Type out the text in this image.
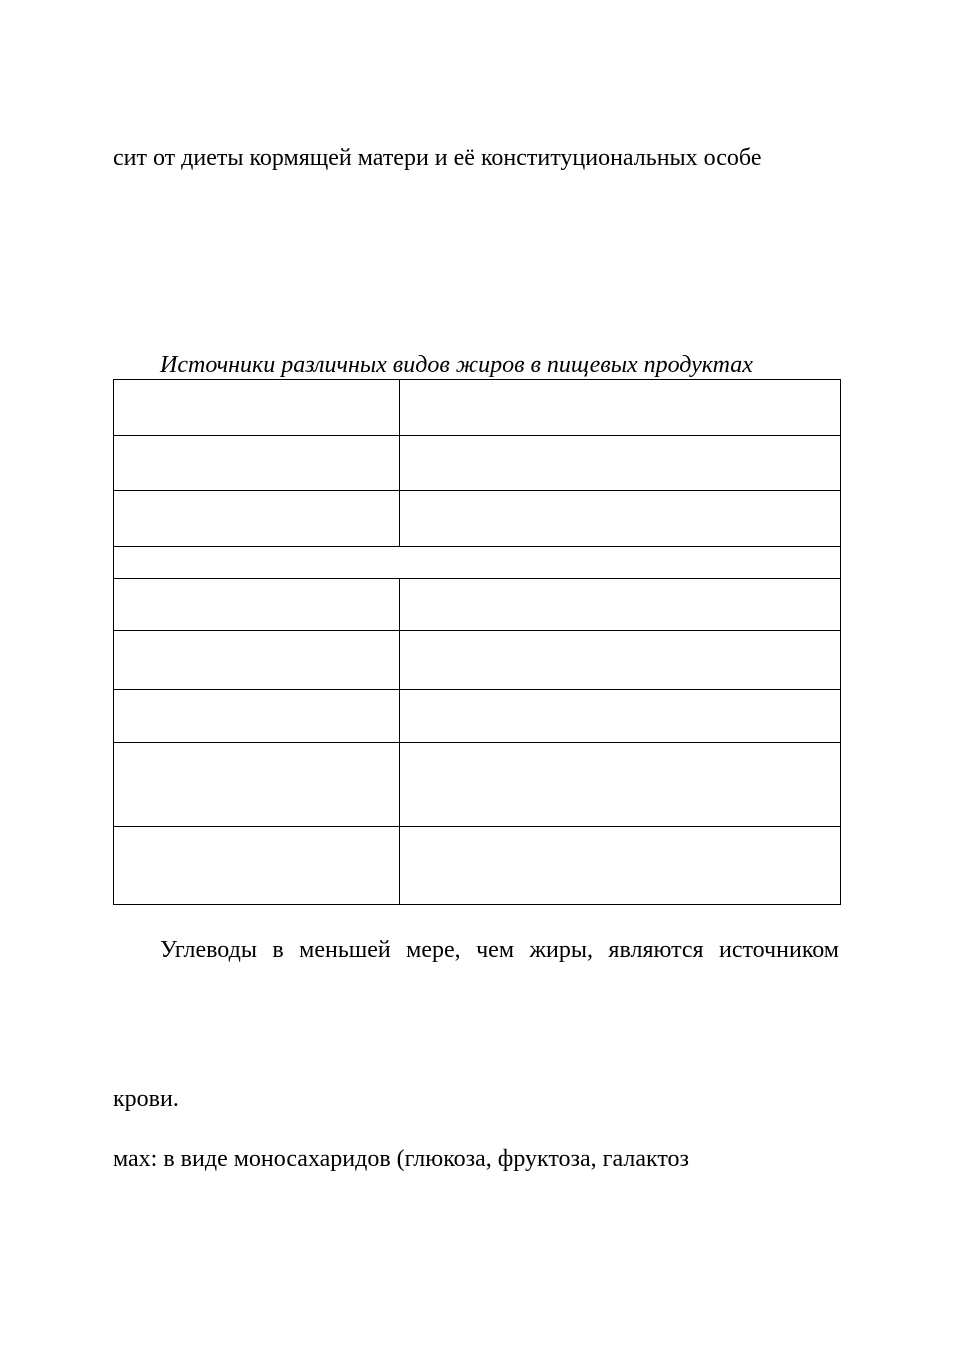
сит от диеты кормящей матери и её конституциональных особе
Источники различных видов жиров в пищевых продуктах

Углеводы в меньшей мере, чем жиры, являются источником
крови.
мах: в виде моносахаридов (глюкоза, фруктоза, галактоз
